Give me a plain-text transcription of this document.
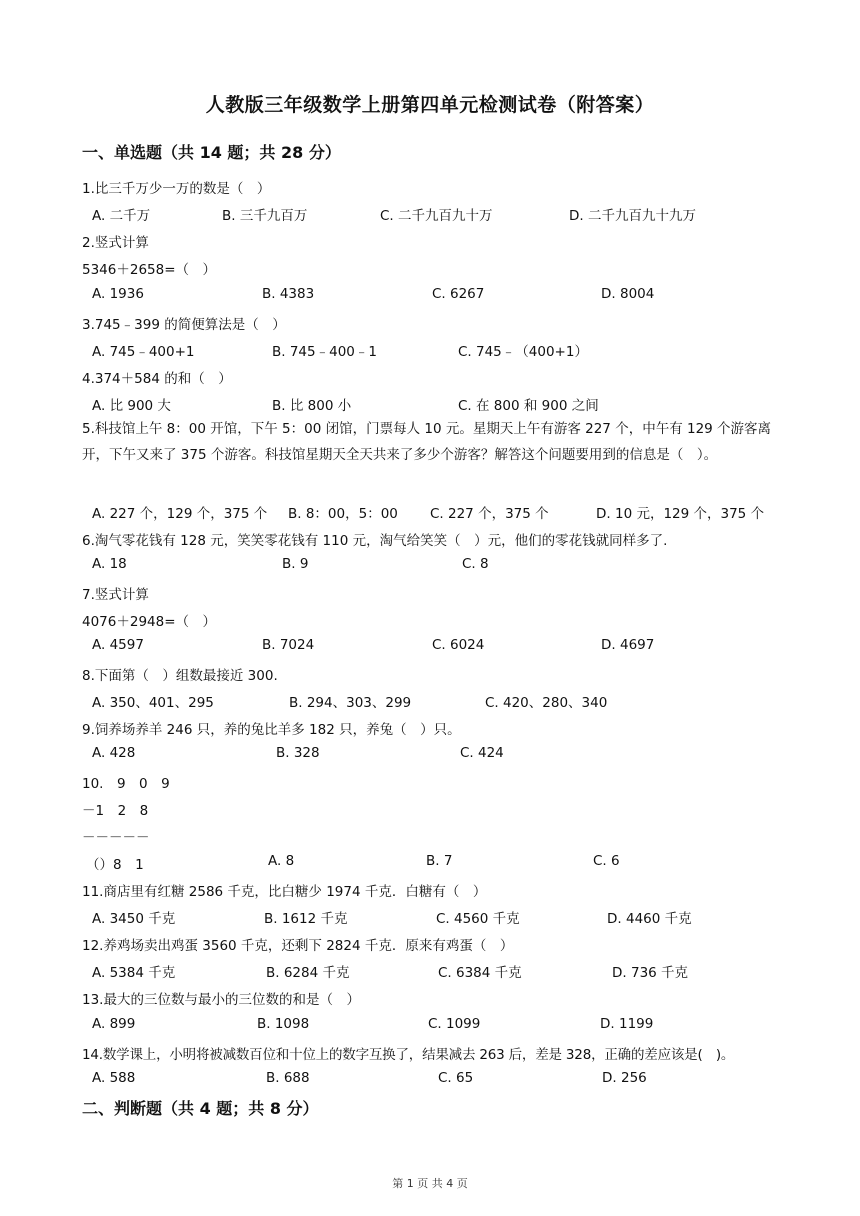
人教版三年级数学上册第四单元检测试卷（附答案）
一、单选题（共 14 题；共 28 分）
1.比三千万少一万的数是（　）
A. 二千万	B. 三千九百万	C. 二千九百九十万	D. 二千九百九十九万
2.竖式计算
5346＋2658=（　）
A. 1936	B. 4383	C. 6267	D. 8004
3.745﹣399 的简便算法是（　）
A. 745﹣400+1	B. 745﹣400﹣1	C. 745﹣（400+1）
4.374＋584 的和（　）
A. 比 900 大	B. 比 800 小	C. 在 800 和 900 之间
5.科技馆上午 8：00 开馆，下午 5：00 闭馆，门票每人 10 元。星期天上午有游客 227 个，中午有 129 个游客离开，下午又来了 375 个游客。科技馆星期天全天共来了多少个游客？解答这个问题要用到的信息是（　）。
A. 227 个，129 个，375 个 B. 8：00，5：00 C. 227 个，375 个	D. 10 元，129 个，375 个
6.淘气零花钱有 128 元，笑笑零花钱有 110 元，淘气给笑笑（　）元，他们的零花钱就同样多了.
A. 18	B. 9	C. 8
7.竖式计算
4076＋2948=（　）
A. 4597	B. 7024	C. 6024	D. 4697
8.下面第（　）组数最接近 300.
A. 350、401、295	B. 294、303、299	C. 420、280、340
9.饲养场养羊 246 只，养的兔比羊多 182 只，养兔（　）只。
A. 428	B. 328	C. 424
10.　9　0　9
－1　2　8
－－－－－
（）8　1	A. 8	B. 7	C. 6
11.商店里有红糖 2586 千克，比白糖少 1974 千克．白糖有（　）
A. 3450 千克	B. 1612 千克	C. 4560 千克	D. 4460 千克
12.养鸡场卖出鸡蛋 3560 千克，还剩下 2824 千克．原来有鸡蛋（　）
A. 5384 千克	B. 6284 千克	C. 6384 千克	D. 736 千克
13.最大的三位数与最小的三位数的和是（　）
A. 899	B. 1098	C. 1099	D. 1199
14.数学课上，小明将被减数百位和十位上的数字互换了，结果减去 263 后，差是 328，正确的差应该是(　)。
A. 588	B. 688	C. 65	D. 256
二、判断题（共 4 题；共 8 分）
第 1 页 共 4 页
